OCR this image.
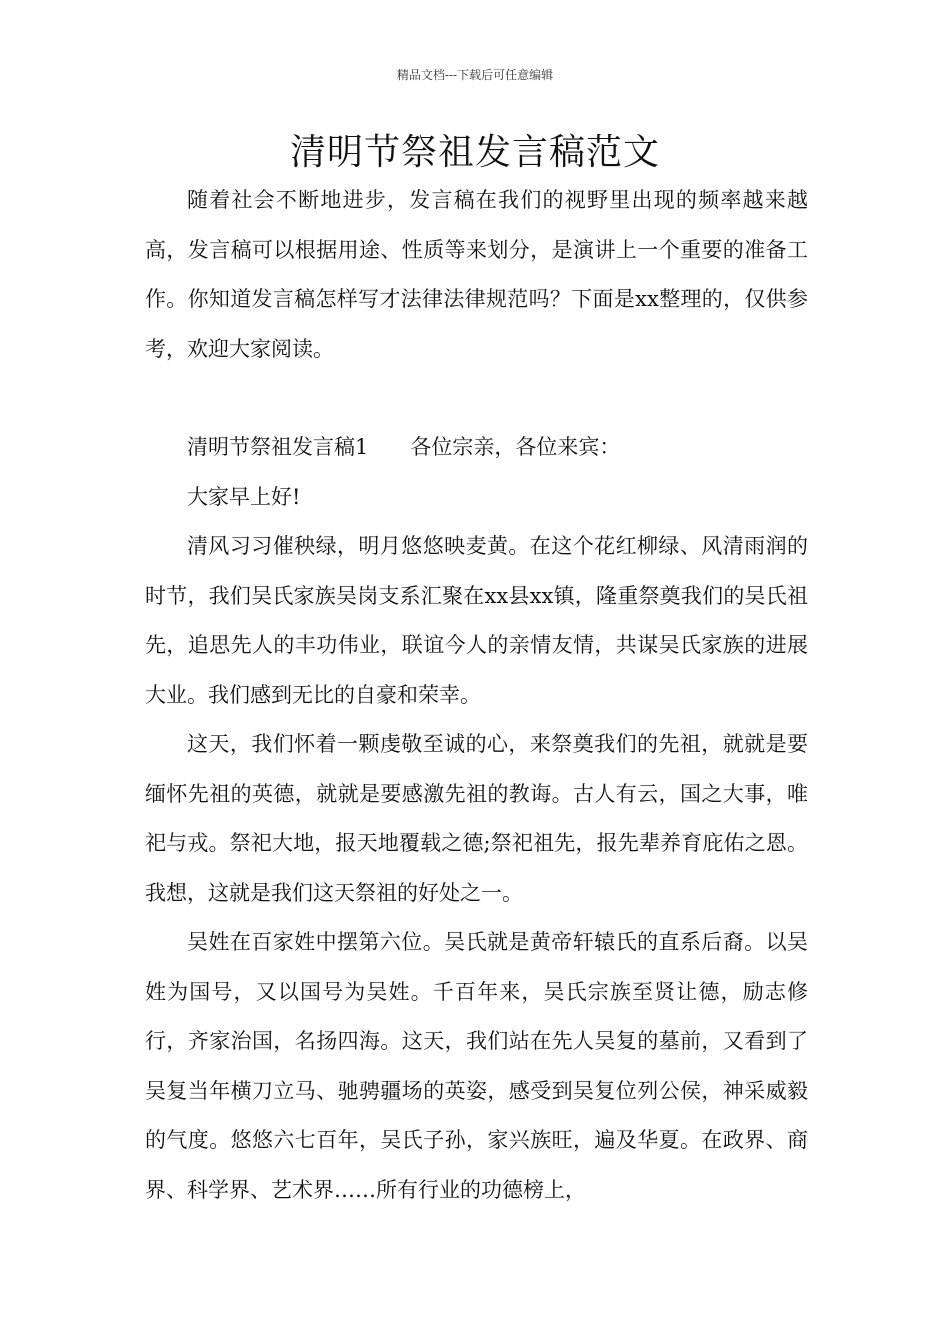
精品文档---下载后可任意编辑
清明节祭祖发言稿范文

随着社会不断地进步，发言稿在我们的视野里出现的频率越来越高，发言稿可以根据用途、性质等来划分，是演讲上一个重要的准备工作。你知道发言稿怎样写才法律法律规范吗？下面是xx整理的，仅供参考，欢迎大家阅读。

清明节祭祖发言稿1 各位宗亲，各位来宾：

大家早上好!

清风习习催秧绿，明月悠悠映麦黄。在这个花红柳绿、风清雨润的时节，我们吴氏家族吴岗支系汇聚在xx县xx镇，隆重祭奠我们的吴氏祖先，追思先人的丰功伟业，联谊今人的亲情友情，共谋吴氏家族的进展大业。我们感到无比的自豪和荣幸。

这天，我们怀着一颗虔敬至诚的心，来祭奠我们的先祖，就就是要缅怀先祖的英德，就就是要感激先祖的教诲。古人有云，国之大事，唯祀与戎。祭祀大地，报天地覆载之德;祭祀祖先，报先辈养育庇佑之恩。我想，这就是我们这天祭祖的好处之一。

吴姓在百家姓中摆第六位。吴氏就是黄帝轩辕氏的直系后裔。以吴姓为国号，又以国号为吴姓。千百年来，吴氏宗族至贤让德，励志修行，齐家治国，名扬四海。这天，我们站在先人吴复的墓前，又看到了吴复当年横刀立马、驰骋疆场的英姿，感受到吴复位列公侯，神采威毅的气度。悠悠六七百年，吴氏子孙，家兴族旺，遍及华夏。在政界、商界、科学界、艺术界……所有行业的功德榜上，
